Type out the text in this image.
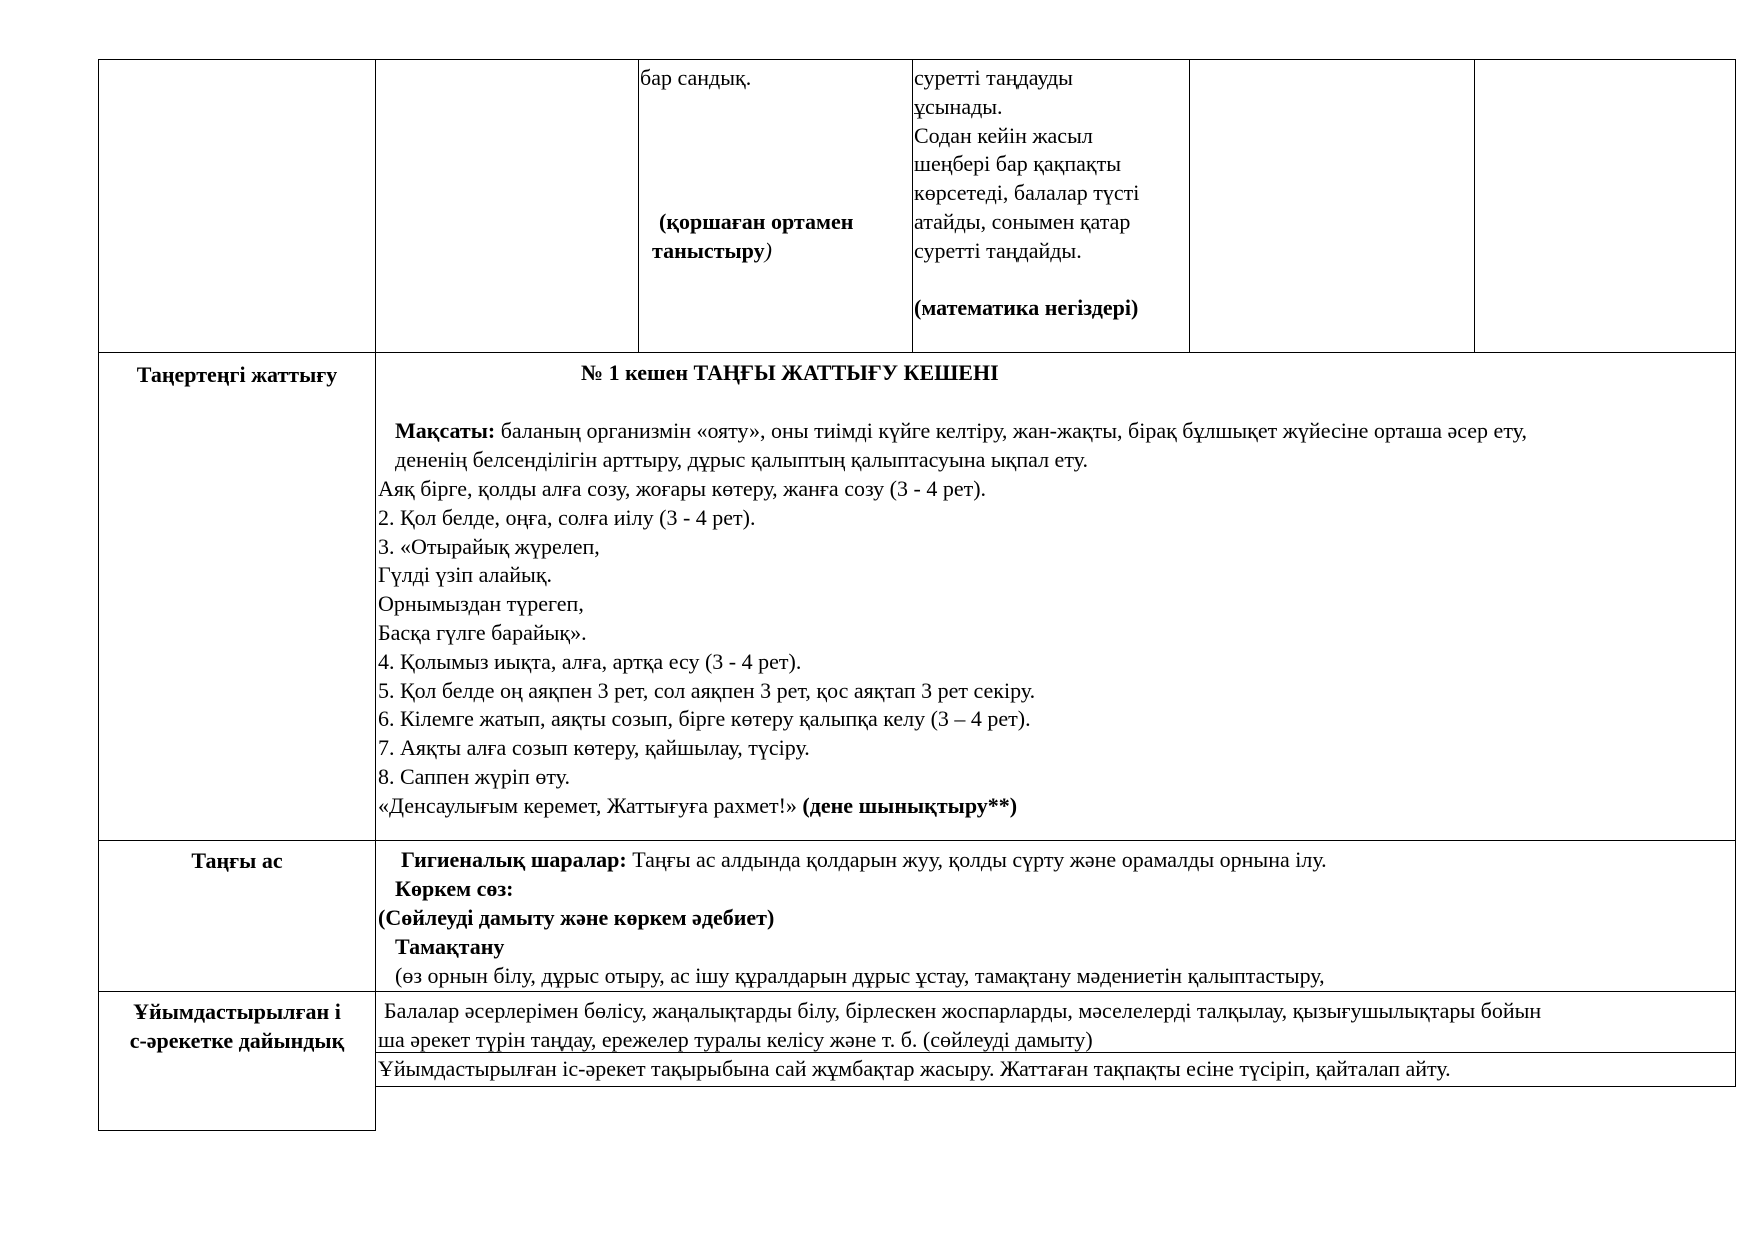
бар сандық.

(қоршаған ортамен

таныстыру)

суретті таңдауды

ұсынады.

Содан кейін жасыл

шеңбері бар қақпақты

көрсетеді, балалар түсті

атайды, сонымен қатар

суретті таңдайды.

(математика негіздері)

Таңертеңгі жаттығу	№ 1 кешен ТАҢҒЫ ЖАТТЫҒУ КЕШЕНІ
Мақсаты: баланың организмін «ояту», оны тиімді күйге келтіру, жан-жақты, бірақ бұлшықет жүйесіне орташа әсер ету,
дененің белсенділігін арттыру, дұрыс қалыптың қалыптасуына ықпал ету.

Аяқ бірге, қолды алға созу, жоғары көтеру, жанға созу (3 - 4 рет).

2. Қол белде, оңға, солға иілу (3 - 4 рет).

3. «Отырайық жүрелеп,

Гүлді үзіп алайық.

Орнымыздан түрегеп,

Басқа гүлге барайық».

4. Қолымыз иықта, алға, артқа есу (3 - 4 рет).

5. Қол белде оң аяқпен 3 рет, сол аяқпен 3 рет, қос аяқтап 3 рет секіру.

6. Кілемге жатып, аяқты созып, бірге көтеру қалыпқа келу (3 – 4 рет).

7. Аяқты алға созып көтеру, қайшылау, түсіру.

8. Саппен жүріп өту.

«Денсаулығым керемет, Жаттығуға рахмет!» (дене шынықтыру**)

Таңғы ас	Гигиеналық шаралар: Таңғы ас алдында қолдарын жуу, қолды сүрту және орамалды орнына ілу.
Көркем сөз:
(Сөйлеуді дамыту және көркем әдебиет)
Тамақтану
(өз орнын білу, дұрыс отыру, ас ішу құралдарын дұрыс ұстау, тамақтану мәдениетін қалыптастыру,
Ұйымдастырылған і
с-әрекетке дайындық
Балалар әсерлерімен бөлісу, жаңалықтарды білу, бірлескен жоспарларды, мәселелерді талқылау, қызығушылықтары бойын
ша әрекет түрін таңдау, ережелер туралы келісу және т. б. (сөйлеуді дамыту)
Ұйымдастырылған іс-әрекет тақырыбына сай жұмбақтар жасыру. Жаттаған тақпақты есіне түсіріп, қайталап айту.
